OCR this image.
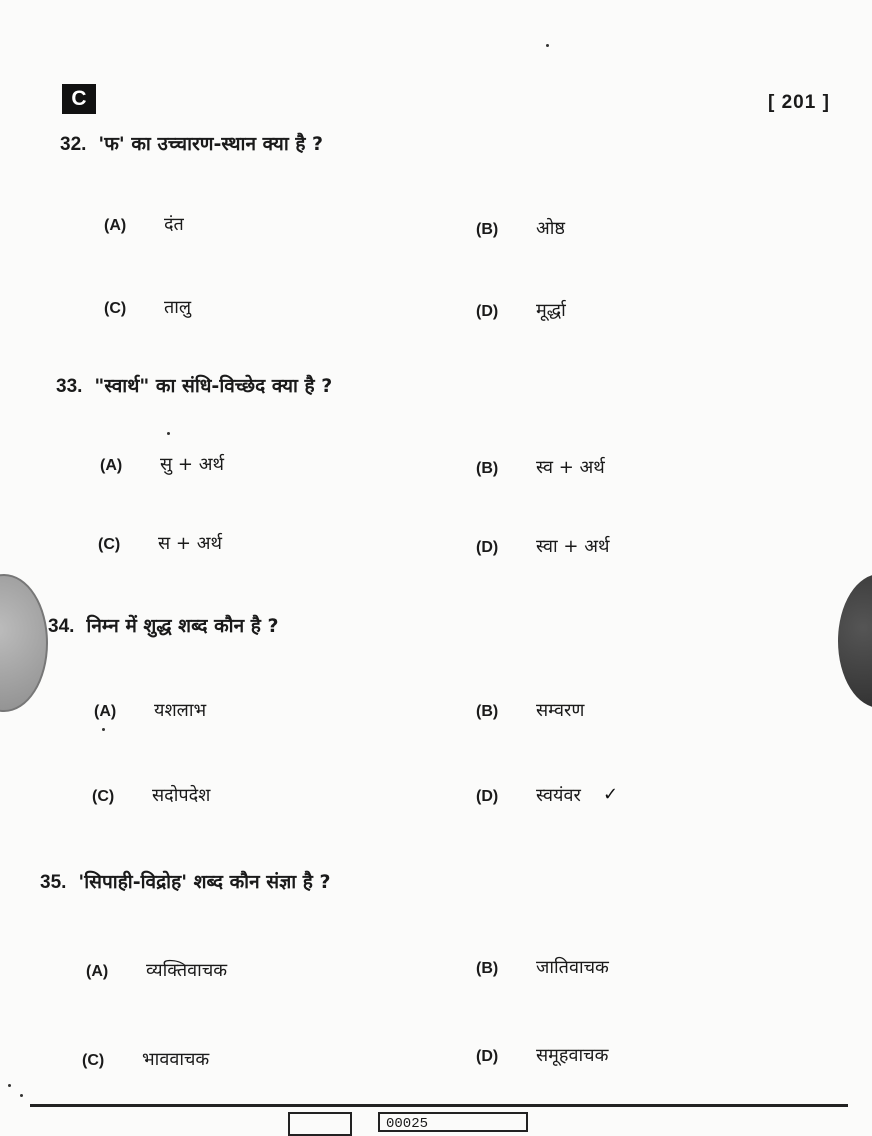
C	[ 201 ]
32. 'फ' का उच्चारण-स्थान क्या है ?
(A) दंत	(B) ओष्ठ
(C) तालु	(D) मूर्द्धा
33. "स्वार्थ" का संधि-विच्छेद क्या है ?
(A) सु + अर्थ	(B) स्व + अर्थ
(C) स + अर्थ	(D) स्वा + अर्थ
34. निम्न में शुद्ध शब्द कौन है ?
(A) यशलाभ	(B) सम्वरण
(C) सदोपदेश	(D) स्वयंवर ✓
35. 'सिपाही-विद्रोह' शब्द कौन संज्ञा है ?
(A) व्यक्तिवाचक	(B) जातिवाचक
(C) भाववाचक	(D) समूहवाचक
00025
